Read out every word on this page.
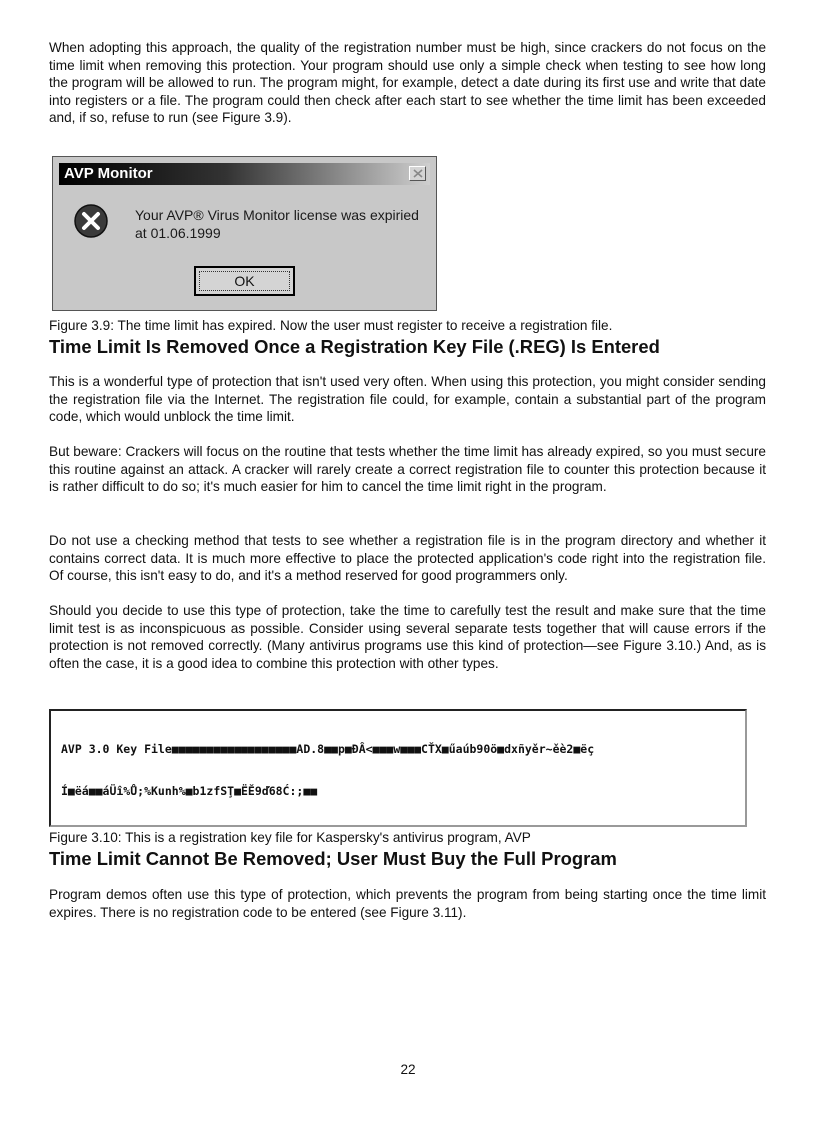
When adopting this approach, the quality of the registration number must be high, since crackers do not focus on the time limit when removing this protection. Your program should use only a simple check when testing to see how long the program will be allowed to run. The program might, for example, detect a date during its first use and write that date into registers or a file. The program could then check after each start to see whether the time limit has been exceeded and, if so, refuse to run (see Figure 3.9).

AVP Monitor
Your AVP® Virus Monitor license was expiried
at 01.06.1999
OK

Figure 3.9: The time limit has expired. Now the user must register to receive a registration file.

Time Limit Is Removed Once a Registration Key File (.REG) Is Entered

This is a wonderful type of protection that isn't used very often. When using this protection, you might consider sending the registration file via the Internet. The registration file could, for example, contain a substantial part of the program code, which would unblock the time limit.

But beware: Crackers will focus on the routine that tests whether the time limit has already expired, so you must secure this routine against an attack. A cracker will rarely create a correct registration file to counter this protection because it is rather difficult to do so; it's much easier for him to cancel the time limit right in the program.

Do not use a checking method that tests to see whether a registration file is in the program directory and whether it contains correct data. It is much more effective to place the protected application's code right into the registration file. Of course, this isn't easy to do, and it's a method reserved for good programmers only.

Should you decide to use this type of protection, take the time to carefully test the result and make sure that the time limit test is as inconspicuous as possible. Consider using several separate tests together that will cause errors if the protection is not removed correctly. (Many antivirus programs use this kind of protection—see Figure 3.10.) And, as is often the case, it is a good idea to combine this protection with other types.

AVP 3.0 Key File■■■■■■■■■■■■■■■■■■AD.8■■p■ÐÂ<■■■w■■■CŤX■űaúb90ö■dxñyěr~ěè2■ëç

Í■ëá■■áÜî%Ů;%Kunh%■b1zfSŢ■ËĚ9ď68Ć:;■■

Figure 3.10: This is a registration key file for Kaspersky's antivirus program, AVP

Time Limit Cannot Be Removed; User Must Buy the Full Program

Program demos often use this type of protection, which prevents the program from being starting once the time limit expires. There is no registration code to be entered (see Figure 3.11).

22
